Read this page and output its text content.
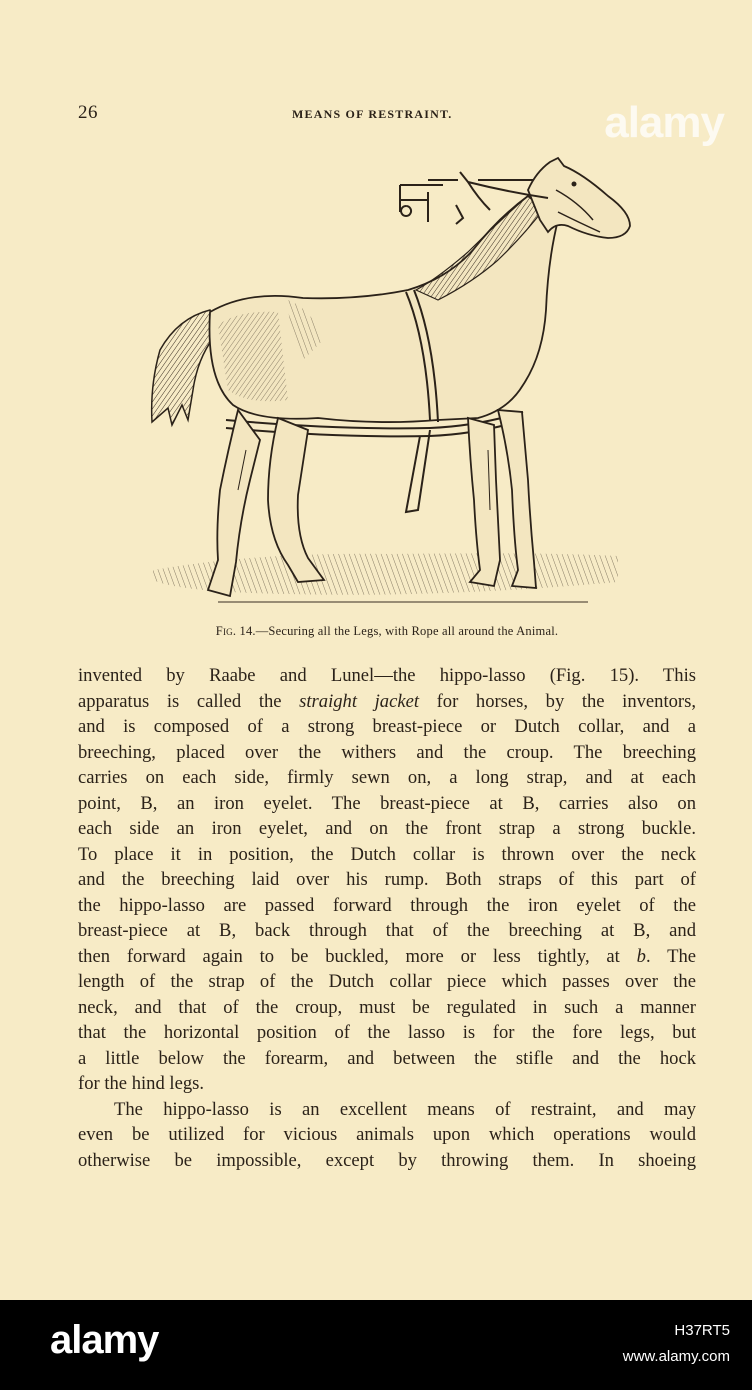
alamy
26	MEANS OF RESTRAINT.
Fig. 14.—Securing all the Legs, with Rope all around the Animal.

invented by Raabe and Lunel—the hippo-lasso (Fig. 15). This
apparatus is called the straight jacket for horses, by the inventors,
and is composed of a strong breast-piece or Dutch collar, and a
breeching, placed over the withers and the croup. The breeching
carries on each side, firmly sewn on, a long strap, and at each
point, B, an iron eyelet. The breast-piece at B, carries also on
each side an iron eyelet, and on the front strap a strong buckle.
To place it in position, the Dutch collar is thrown over the neck
and the breeching laid over his rump. Both straps of this part of
the hippo-lasso are passed forward through the iron eyelet of the
breast-piece at B, back through that of the breeching at B, and
then forward again to be buckled, more or less tightly, at b. The
length of the strap of the Dutch collar piece which passes over the
neck, and that of the croup, must be regulated in such a manner
that the horizontal position of the lasso is for the fore legs, but
a little below the forearm, and between the stifle and the hock
for the hind legs.

The hippo-lasso is an excellent means of restraint, and may
even be utilized for vicious animals upon which operations would
otherwise be impossible, except by throwing them. In shoeing

alamy	H37RT5
www.alamy.com
